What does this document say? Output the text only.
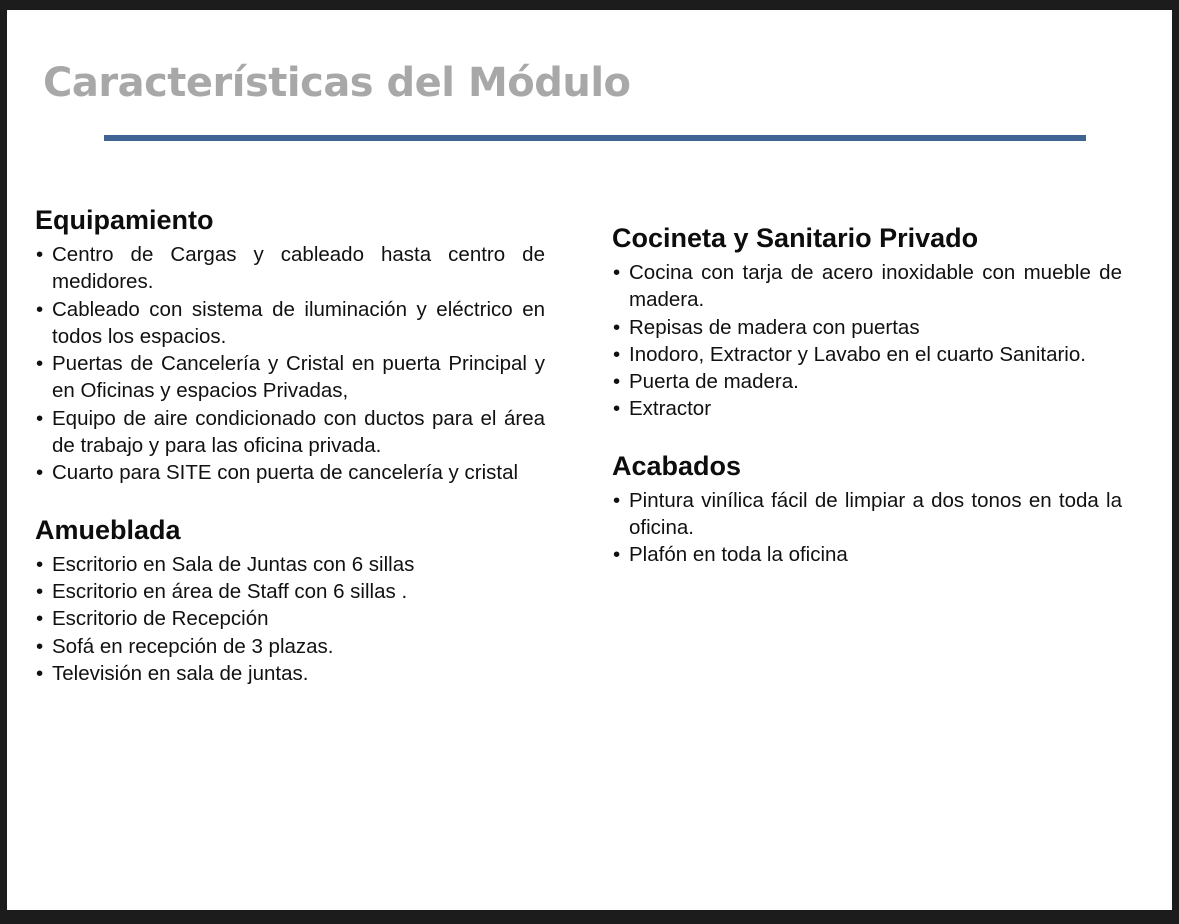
Características del Módulo
Equipamiento
• Centro de Cargas y cableado hasta centro de medidores.
• Cableado con sistema de iluminación y eléctrico en todos los espacios.
• Puertas de Cancelería y Cristal en puerta Principal y en Oficinas y espacios Privadas,
• Equipo de aire condicionado con ductos para el área de trabajo y para las oficina privada.
• Cuarto para SITE con puerta de cancelería y cristal
Amueblada
• Escritorio en Sala de Juntas con 6 sillas
• Escritorio en área de Staff con 6 sillas .
• Escritorio de Recepción
• Sofá en recepción de 3 plazas.
• Televisión en sala de juntas.
Cocineta y Sanitario Privado
• Cocina con tarja de acero inoxidable con mueble de madera.
• Repisas de madera con puertas
• Inodoro, Extractor y Lavabo en el cuarto Sanitario.
• Puerta de madera.
• Extractor
Acabados
• Pintura vinílica fácil de limpiar a dos tonos en toda la oficina.
• Plafón en toda la oficina
